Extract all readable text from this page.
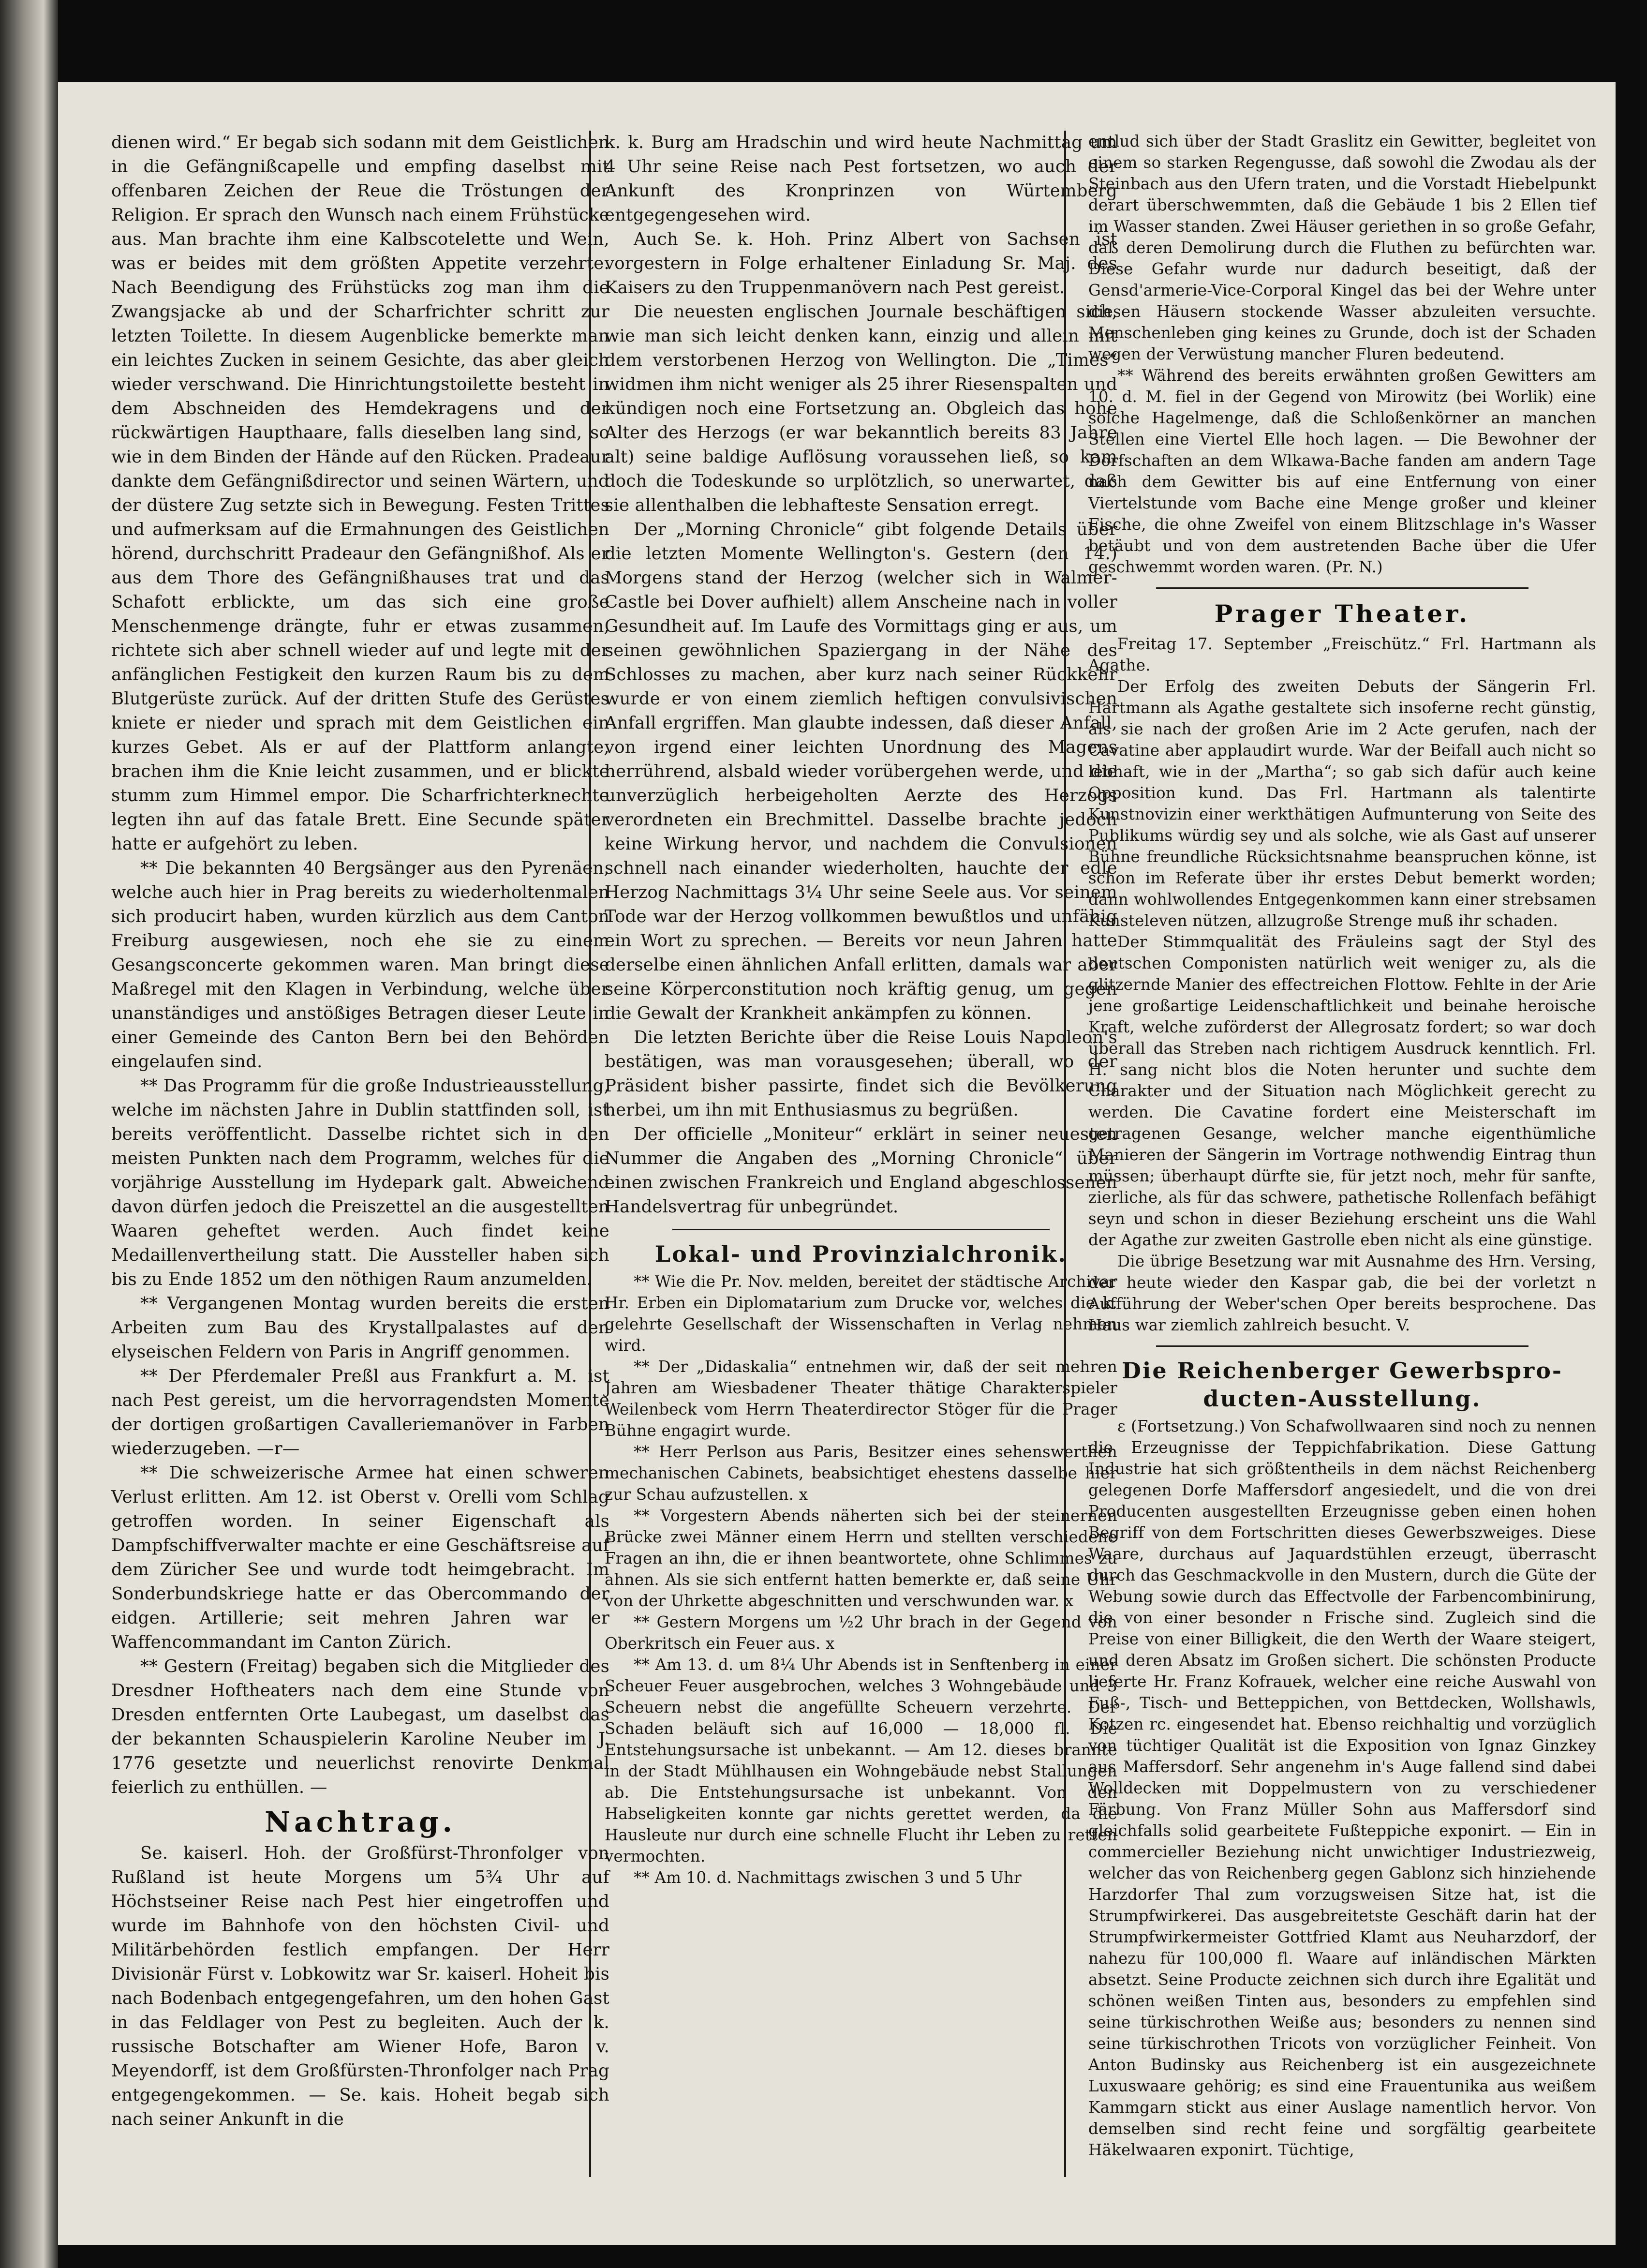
dienen wird.“ Er begab sich sodann mit dem Geistlichen in die Gefängnißcapelle und empfing daselbst mit offenbaren Zeichen der Reue die Tröstungen der Religion. Er sprach den Wunsch nach einem Frühstücke aus. Man brachte ihm eine Kalbscotelette und Wein, was er beides mit dem größten Appetite verzehrte. Nach Beendigung des Frühstücks zog man ihm die Zwangsjacke ab und der Scharfrichter schritt zur letzten Toilette. In diesem Augenblicke bemerkte man ein leichtes Zucken in seinem Gesichte, das aber gleich wieder verschwand. Die Hinrichtungstoilette besteht in dem Abschneiden des Hemdekragens und der rückwärtigen Haupthaare, falls dieselben lang sind, so wie in dem Binden der Hände auf den Rücken. Pradeaur dankte dem Gefängnißdirector und seinen Wärtern, und der düstere Zug setzte sich in Bewegung. Festen Trittes und aufmerksam auf die Ermahnungen des Geistlichen hörend, durchschritt Pradeaur den Gefängnißhof. Als er aus dem Thore des Gefängnißhauses trat und das Schafott erblickte, um das sich eine große Menschenmenge drängte, fuhr er etwas zusammen, richtete sich aber schnell wieder auf und legte mit der anfänglichen Festigkeit den kurzen Raum bis zu dem Blutgerüste zurück. Auf der dritten Stufe des Gerüstes kniete er nieder und sprach mit dem Geistlichen ein kurzes Gebet. Als er auf der Plattform anlangte, brachen ihm die Knie leicht zusammen, und er blickte stumm zum Himmel empor. Die Scharfrichterknechte legten ihn auf das fatale Brett. Eine Secunde später hatte er aufgehört zu leben.

** Die bekannten 40 Bergsänger aus den Pyrenäen, welche auch hier in Prag bereits zu wiederholtenmalen sich producirt haben, wurden kürzlich aus dem Canton Freiburg ausgewiesen, noch ehe sie zu einem Gesangsconcerte gekommen waren. Man bringt diese Maßregel mit den Klagen in Verbindung, welche über unanständiges und anstößiges Betragen dieser Leute in einer Gemeinde des Canton Bern bei den Behörden eingelaufen sind.

** Das Programm für die große Industrieausstellung, welche im nächsten Jahre in Dublin stattfinden soll, ist bereits veröffentlicht. Dasselbe richtet sich in den meisten Punkten nach dem Programm, welches für die vorjährige Ausstellung im Hydepark galt. Abweichend davon dürfen jedoch die Preiszettel an die ausgestellten Waaren geheftet werden. Auch findet keine Medaillenvertheilung statt. Die Aussteller haben sich bis zu Ende 1852 um den nöthigen Raum anzumelden.

** Vergangenen Montag wurden bereits die ersten Arbeiten zum Bau des Krystallpalastes auf den elyseischen Feldern von Paris in Angriff genommen.

** Der Pferdemaler Preßl aus Frankfurt a. M. ist nach Pest gereist, um die hervorragendsten Momente der dortigen großartigen Cavalleriemanöver in Farben wiederzugeben. —r—

** Die schweizerische Armee hat einen schweren Verlust erlitten. Am 12. ist Oberst v. Orelli vom Schlag getroffen worden. In seiner Eigenschaft als Dampfschiffverwalter machte er eine Geschäftsreise auf dem Züricher See und wurde todt heimgebracht. Im Sonderbundskriege hatte er das Obercommando der eidgen. Artillerie; seit mehren Jahren war er Waffencommandant im Canton Zürich.

** Gestern (Freitag) begaben sich die Mitglieder des Dresdner Hoftheaters nach dem eine Stunde von Dresden entfernten Orte Laubegast, um daselbst das der bekannten Schauspielerin Karoline Neuber im J. 1776 gesetzte und neuerlichst renovirte Denkmal feierlich zu enthüllen. —

Nachtrag.

Se. kaiserl. Hoh. der Großfürst-Thronfolger von Rußland ist heute Morgens um 5¾ Uhr auf Höchstseiner Reise nach Pest hier eingetroffen und wurde im Bahnhofe von den höchsten Civil- und Militärbehörden festlich empfangen. Der Herr Divisionär Fürst v. Lobkowitz war Sr. kaiserl. Hoheit bis nach Bodenbach entgegengefahren, um den hohen Gast in das Feldlager von Pest zu begleiten. Auch der k. russische Botschafter am Wiener Hofe, Baron v. Meyendorff, ist dem Großfürsten-Thronfolger nach Prag entgegengekommen. — Se. kais. Hoheit begab sich nach seiner Ankunft in die

k. k. Burg am Hradschin und wird heute Nachmittag um 4 Uhr seine Reise nach Pest fortsetzen, wo auch der Ankunft des Kronprinzen von Würtemberg entgegengesehen wird.

Auch Se. k. Hoh. Prinz Albert von Sachsen ist vorgestern in Folge erhaltener Einladung Sr. Maj. des Kaisers zu den Truppenmanövern nach Pest gereist.

Die neuesten englischen Journale beschäftigen sich, wie man sich leicht denken kann, einzig und allein mit dem verstorbenen Herzog von Wellington. Die „Times“ widmen ihm nicht weniger als 25 ihrer Riesenspalten und kündigen noch eine Fortsetzung an. Obgleich das hohe Alter des Herzogs (er war bekanntlich bereits 83 Jahre alt) seine baldige Auflösung voraussehen ließ, so kam doch die Todeskunde so urplötzlich, so unerwartet, daß sie allenthalben die lebhafteste Sensation erregt.

Der „Morning Chronicle“ gibt folgende Details über die letzten Momente Wellington's. Gestern (den 14.) Morgens stand der Herzog (welcher sich in Walmer-Castle bei Dover aufhielt) allem Anscheine nach in voller Gesundheit auf. Im Laufe des Vormittags ging er aus, um seinen gewöhnlichen Spaziergang in der Nähe des Schlosses zu machen, aber kurz nach seiner Rückkehr wurde er von einem ziemlich heftigen convulsivischen Anfall ergriffen. Man glaubte indessen, daß dieser Anfall, von irgend einer leichten Unordnung des Magens herrührend, alsbald wieder vorübergehen werde, und die unverzüglich herbeigeholten Aerzte des Herzogs verordneten ein Brechmittel. Dasselbe brachte jedoch keine Wirkung hervor, und nachdem die Convulsionen schnell nach einander wiederholten, hauchte der edle Herzog Nachmittags 3¼ Uhr seine Seele aus. Vor seinem Tode war der Herzog vollkommen bewußtlos und unfähig ein Wort zu sprechen. — Bereits vor neun Jahren hatte derselbe einen ähnlichen Anfall erlitten, damals war aber seine Körperconstitution noch kräftig genug, um gegen die Gewalt der Krankheit ankämpfen zu können.

Die letzten Berichte über die Reise Louis Napoleon's bestätigen, was man vorausgesehen; überall, wo der Präsident bisher passirte, findet sich die Bevölkerung herbei, um ihn mit Enthusiasmus zu begrüßen.

Der officielle „Moniteur“ erklärt in seiner neuesten Nummer die Angaben des „Morning Chronicle“ über einen zwischen Frankreich und England abgeschlossenen Handelsvertrag für unbegründet.

Lokal- und Provinzialchronik.

** Wie die Pr. Nov. melden, bereitet der städtische Archivar Hr. Erben ein Diplomatarium zum Drucke vor, welches die k. gelehrte Gesellschaft der Wissenschaften in Verlag nehmen wird.

** Der „Didaskalia“ entnehmen wir, daß der seit mehren Jahren am Wiesbadener Theater thätige Charakterspieler Weilenbeck vom Herrn Theaterdirector Stöger für die Prager Bühne engagirt wurde.

** Herr Perlson aus Paris, Besitzer eines sehenswerthen mechanischen Cabinets, beabsichtiget ehestens dasselbe hier zur Schau aufzustellen. x

** Vorgestern Abends näherten sich bei der steinernen Brücke zwei Männer einem Herrn und stellten verschiedene Fragen an ihn, die er ihnen beantwortete, ohne Schlimmes zu ahnen. Als sie sich entfernt hatten bemerkte er, daß seine Uhr von der Uhrkette abgeschnitten und verschwunden war. x

** Gestern Morgens um ½2 Uhr brach in der Gegend von Oberkritsch ein Feuer aus. x

** Am 13. d. um 8¼ Uhr Abends ist in Senftenberg in einer Scheuer Feuer ausgebrochen, welches 3 Wohngebäude und 3 Scheuern nebst die angefüllte Scheuern verzehrte. Der Schaden beläuft sich auf 16,000 — 18,000 fl. Die Entstehungsursache ist unbekannt. — Am 12. dieses brannte in der Stadt Mühlhausen ein Wohngebäude nebst Stallungen ab. Die Entstehungsursache ist unbekannt. Von den Habseligkeiten konnte gar nichts gerettet werden, da die Hausleute nur durch eine schnelle Flucht ihr Leben zu retten vermochten.

** Am 10. d. Nachmittags zwischen 3 und 5 Uhr

entlud sich über der Stadt Graslitz ein Gewitter, begleitet von einem so starken Regengusse, daß sowohl die Zwodau als der Steinbach aus den Ufern traten, und die Vorstadt Hiebelpunkt derart überschwemmten, daß die Gebäude 1 bis 2 Ellen tief im Wasser standen. Zwei Häuser geriethen in so große Gefahr, daß deren Demolirung durch die Fluthen zu befürchten war. Diese Gefahr wurde nur dadurch beseitigt, daß der Gensd'armerie-Vice-Corporal Kingel das bei der Wehre unter diesen Häusern stockende Wasser abzuleiten versuchte. Menschenleben ging keines zu Grunde, doch ist der Schaden wegen der Verwüstung mancher Fluren bedeutend.

** Während des bereits erwähnten großen Gewitters am 10. d. M. fiel in der Gegend von Mirowitz (bei Worlik) eine solche Hagelmenge, daß die Schloßenkörner an manchen Stellen eine Viertel Elle hoch lagen. — Die Bewohner der Dorfschaften an dem Wlkawa-Bache fanden am andern Tage nach dem Gewitter bis auf eine Entfernung von einer Viertelstunde vom Bache eine Menge großer und kleiner Fische, die ohne Zweifel von einem Blitzschlage in's Wasser betäubt und von dem austretenden Bache über die Ufer geschwemmt worden waren. (Pr. N.)

Prager Theater.

Freitag 17. September „Freischütz.“ Frl. Hartmann als Agathe.

Der Erfolg des zweiten Debuts der Sängerin Frl. Hartmann als Agathe gestaltete sich insoferne recht günstig, als sie nach der großen Arie im 2 Acte gerufen, nach der Cavatine aber applaudirt wurde. War der Beifall auch nicht so lebhaft, wie in der „Martha“; so gab sich dafür auch keine Opposition kund. Das Frl. Hartmann als talentirte Kunstnovizin einer werkthätigen Aufmunterung von Seite des Publikums würdig sey und als solche, wie als Gast auf unserer Bühne freundliche Rücksichtsnahme beanspruchen könne, ist schon im Referate über ihr erstes Debut bemerkt worden; dann wohlwollendes Entgegenkommen kann einer strebsamen Kunsteleven nützen, allzugroße Strenge muß ihr schaden.

Der Stimmqualität des Fräuleins sagt der Styl des deutschen Componisten natürlich weit weniger zu, als die glitzernde Manier des effectreichen Flottow. Fehlte in der Arie jene großartige Leidenschaftlichkeit und beinahe heroische Kraft, welche zuförderst der Allegrosatz fordert; so war doch überall das Streben nach richtigem Ausdruck kenntlich. Frl. H. sang nicht blos die Noten herunter und suchte dem Charakter und der Situation nach Möglichkeit gerecht zu werden. Die Cavatine fordert eine Meisterschaft im getragenen Gesange, welcher manche eigenthümliche Manieren der Sängerin im Vortrage nothwendig Eintrag thun müssen; überhaupt dürfte sie, für jetzt noch, mehr für sanfte, zierliche, als für das schwere, pathetische Rollenfach befähigt seyn und schon in dieser Beziehung erscheint uns die Wahl der Agathe zur zweiten Gastrolle eben nicht als eine günstige.

Die übrige Besetzung war mit Ausnahme des Hrn. Versing, der heute wieder den Kaspar gab, die bei der vorletzt n Aufführung der Weber'schen Oper bereits besprochene. Das Haus war ziemlich zahlreich besucht. V.

Die Reichenberger Gewerbspro-
ducten-Ausstellung.

ε (Fortsetzung.) Von Schafwollwaaren sind noch zu nennen die Erzeugnisse der Teppichfabrikation. Diese Gattung Industrie hat sich größtentheils in dem nächst Reichenberg gelegenen Dorfe Maffersdorf angesiedelt, und die von drei Producenten ausgestellten Erzeugnisse geben einen hohen Begriff von dem Fortschritten dieses Gewerbszweiges. Diese Waare, durchaus auf Jaquardstühlen erzeugt, überrascht durch das Geschmackvolle in den Mustern, durch die Güte der Webung sowie durch das Effectvolle der Farbencombinirung, die von einer besonder n Frische sind. Zugleich sind die Preise von einer Billigkeit, die den Werth der Waare steigert, und deren Absatz im Großen sichert. Die schönsten Producte lieferte Hr. Franz Kofrauek, welcher eine reiche Auswahl von Fuß-, Tisch- und Betteppichen, von Bettdecken, Wollshawls, Kotzen rc. eingesendet hat. Ebenso reichhaltig und vorzüglich von tüchtiger Qualität ist die Exposition von Ignaz Ginzkey aus Maffersdorf. Sehr angenehm in's Auge fallend sind dabei Wolldecken mit Doppelmustern von zu verschiedener Färbung. Von Franz Müller Sohn aus Maffersdorf sind gleichfalls solid gearbeitete Fußteppiche exponirt. — Ein in commercieller Beziehung nicht unwichtiger Industriezweig, welcher das von Reichenberg gegen Gablonz sich hinziehende Harzdorfer Thal zum vorzugsweisen Sitze hat, ist die Strumpfwirkerei. Das ausgebreitetste Geschäft darin hat der Strumpfwirkermeister Gottfried Klamt aus Neuharzdorf, der nahezu für 100,000 fl. Waare auf inländischen Märkten absetzt. Seine Producte zeichnen sich durch ihre Egalität und schönen weißen Tinten aus, besonders zu empfehlen sind seine türkischrothen Weiße aus; besonders zu nennen sind seine türkischrothen Tricots von vorzüglicher Feinheit. Von Anton Budinsky aus Reichenberg ist ein ausgezeichnete Luxuswaare gehörig; es sind eine Frauentunika aus weißem Kammgarn stickt aus einer Auslage namentlich hervor. Von demselben sind recht feine und sorgfältig gearbeitete Häkelwaaren exponirt. Tüchtige,
